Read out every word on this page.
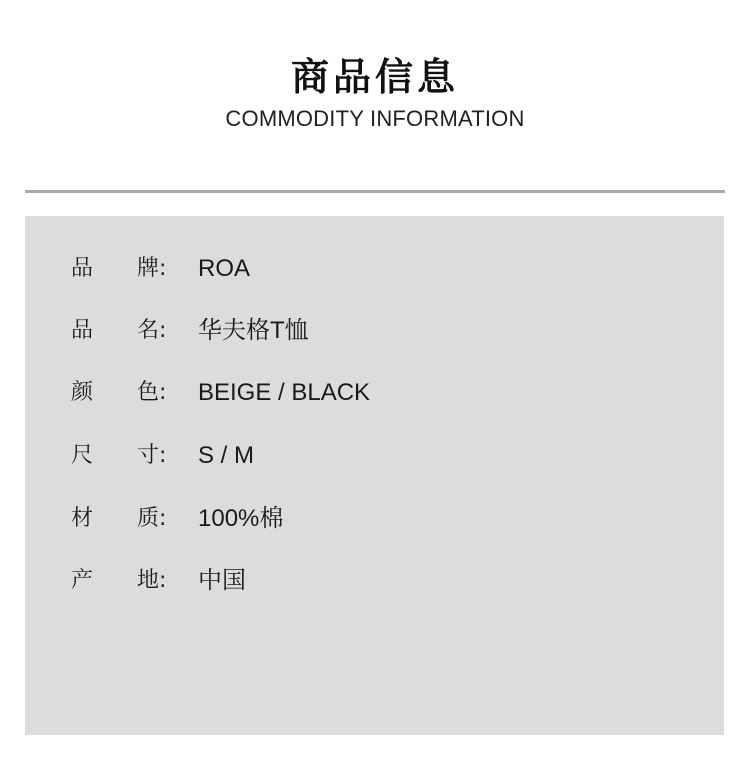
商品信息
COMMODITY INFORMATION
品 牌: ROA
品 名: 华夫格T恤
颜 色: BEIGE / BLACK
尺 寸: S / M
材 质: 100%棉
产 地: 中国
